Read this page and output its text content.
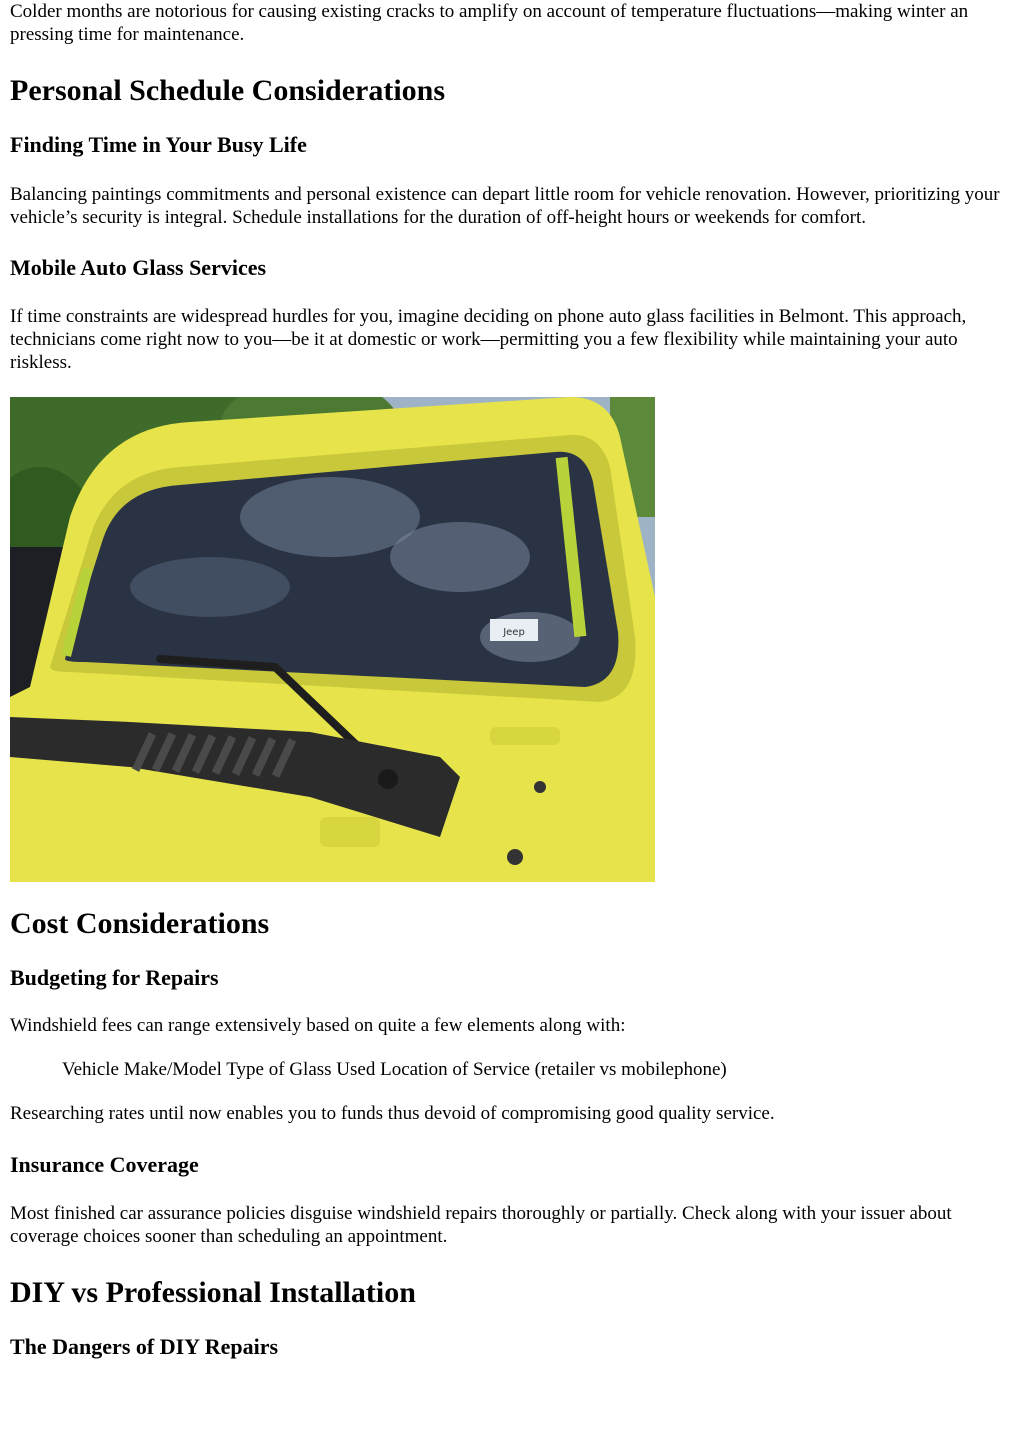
Colder months are notorious for causing existing cracks to amplify on account of temperature fluctuations—making winter an pressing time for maintenance.

Personal Schedule Considerations
Finding Time in Your Busy Life

Balancing paintings commitments and personal existence can depart little room for vehicle renovation. However, prioritizing your vehicle’s security is integral. Schedule installations for the duration of off-height hours or weekends for comfort.

Mobile Auto Glass Services

If time constraints are widespread hurdles for you, imagine deciding on phone auto glass facilities in Belmont. This approach, technicians come right now to you—be it at domestic or work—permitting you a few flexibility while maintaining your auto riskless.

Jeep
Cost Considerations
Budgeting for Repairs

Windshield fees can range extensively based on quite a few elements along with:

Vehicle Make/Model Type of Glass Used Location of Service (retailer vs mobilephone)

Researching rates until now enables you to funds thus devoid of compromising good quality service.

Insurance Coverage

Most finished car assurance policies disguise windshield repairs thoroughly or partially. Check along with your issuer about coverage choices sooner than scheduling an appointment.

DIY vs Professional Installation
The Dangers of DIY Repairs
